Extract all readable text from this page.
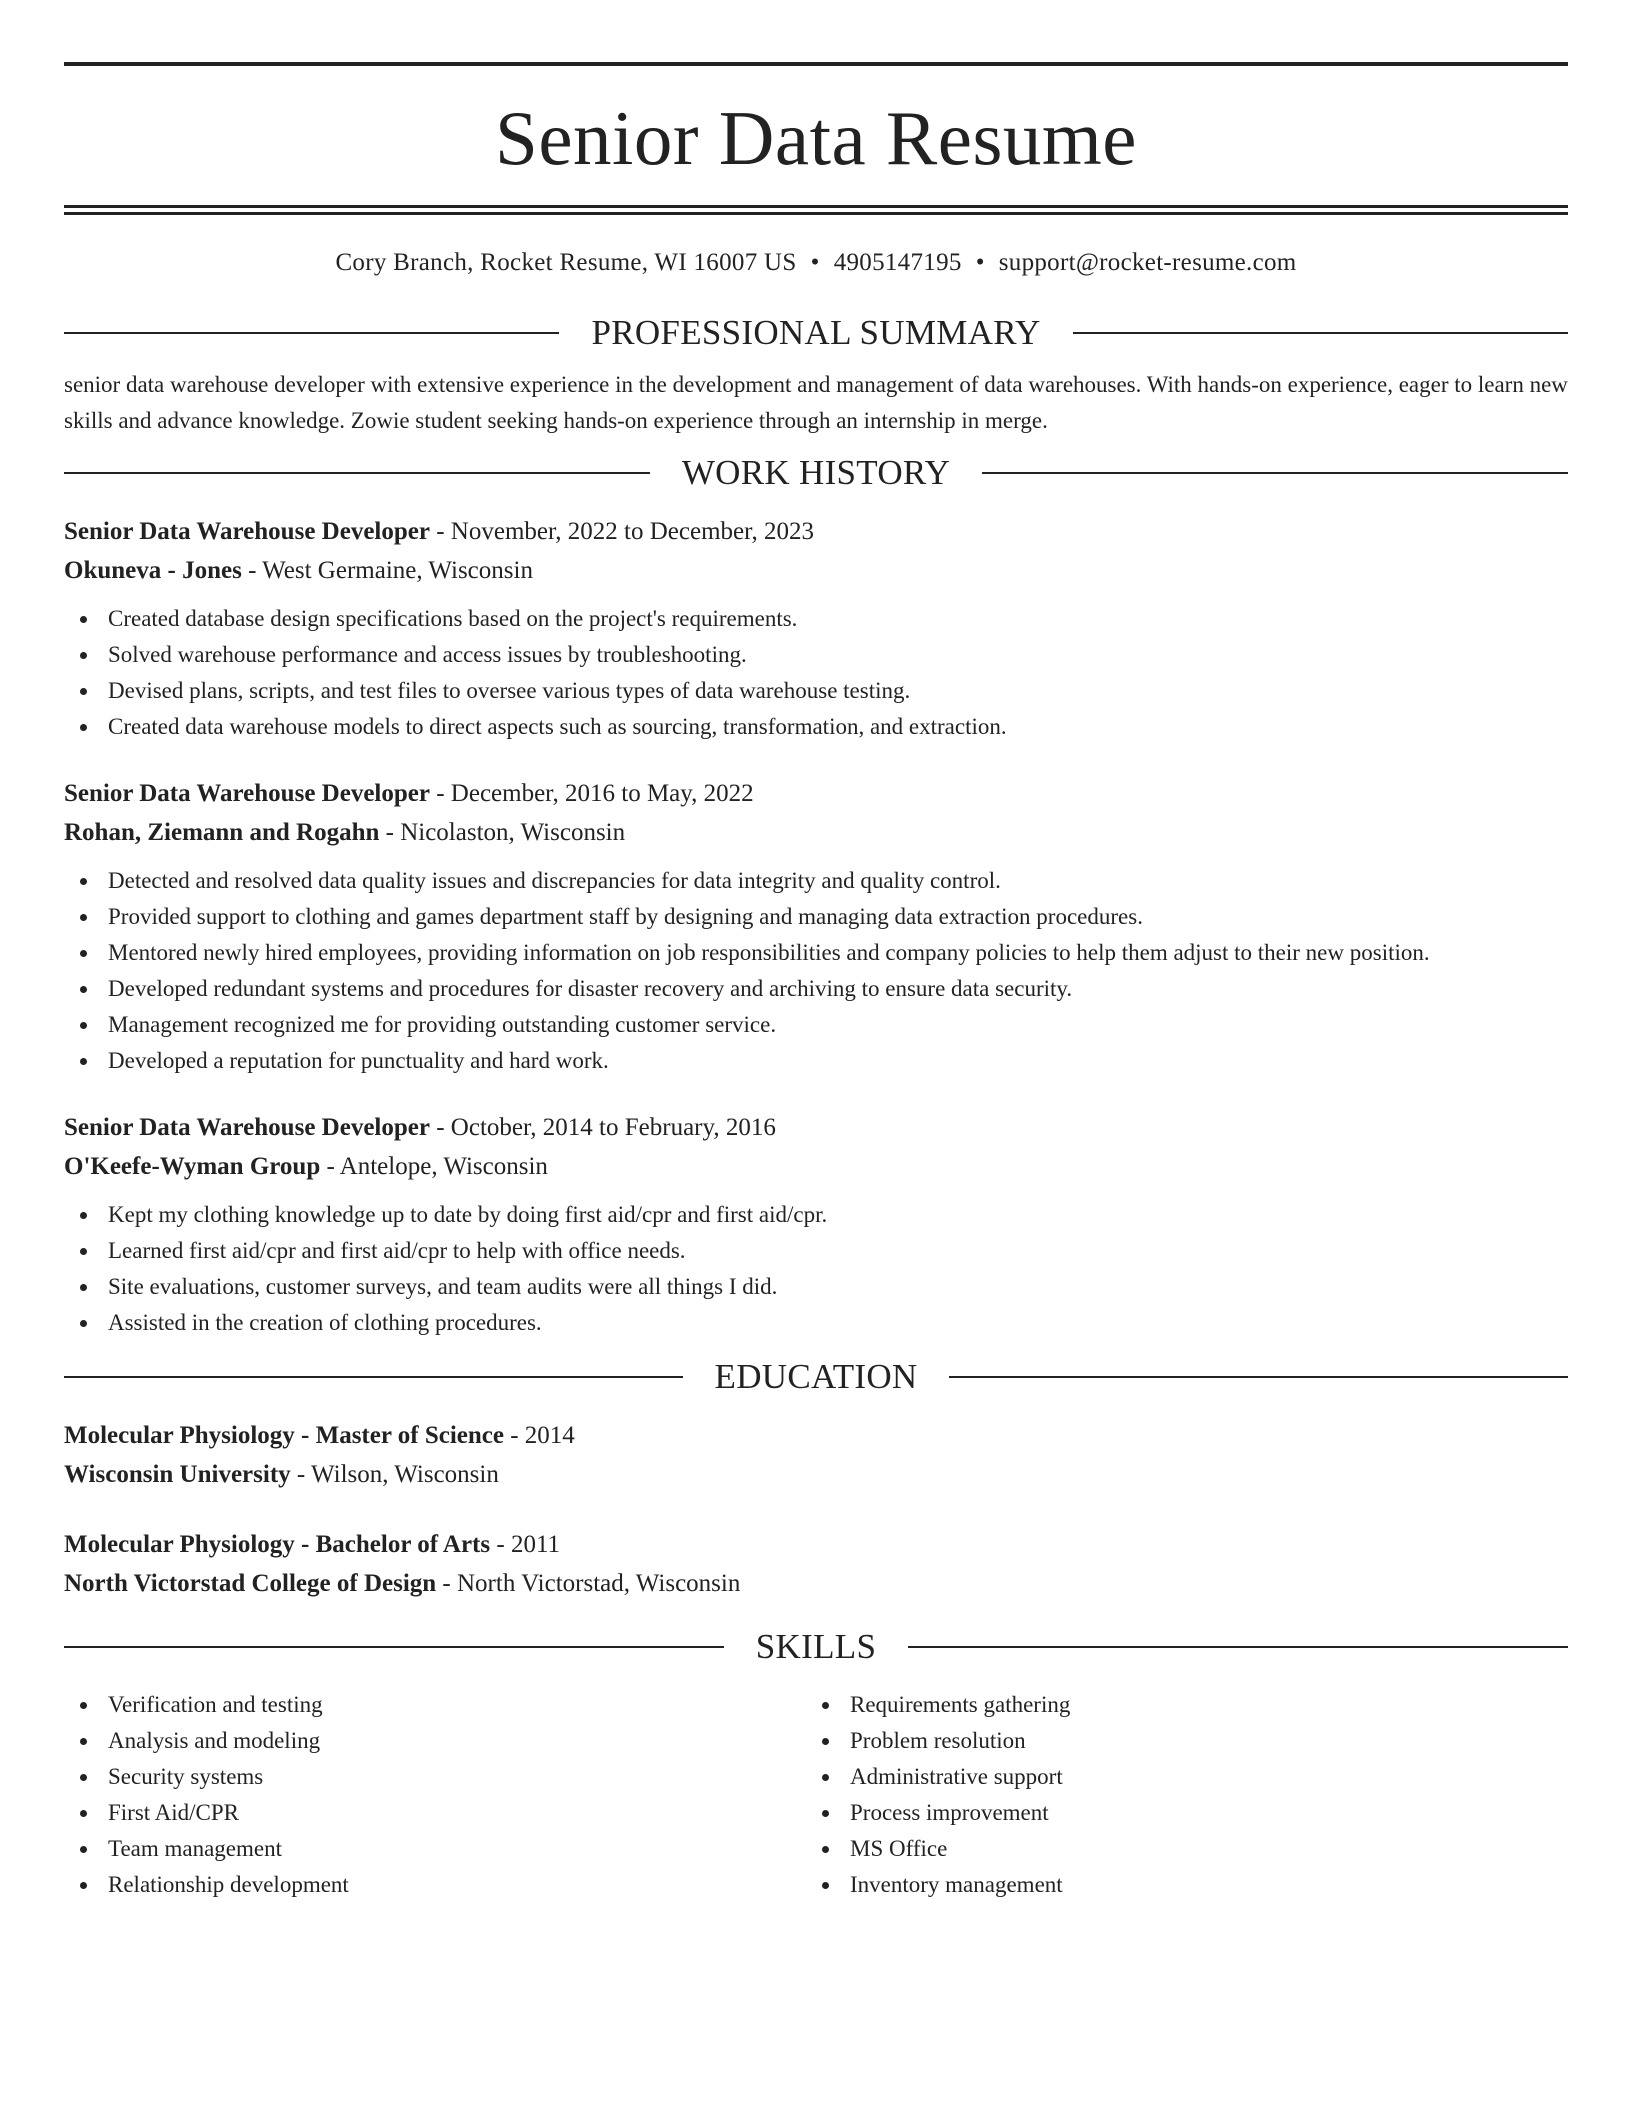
Senior Data Resume
Cory Branch, Rocket Resume, WI 16007 US • 4905147195 • support@rocket-resume.com
PROFESSIONAL SUMMARY

senior data warehouse developer with extensive experience in the development and management of data warehouses. With hands-on experience, eager to learn new skills and advance knowledge. Zowie student seeking hands-on experience through an internship in merge.

WORK HISTORY
Senior Data Warehouse Developer - November, 2022 to December, 2023
Okuneva - Jones - West Germaine, Wisconsin
Created database design specifications based on the project's requirements.
Solved warehouse performance and access issues by troubleshooting.
Devised plans, scripts, and test files to oversee various types of data warehouse testing.
Created data warehouse models to direct aspects such as sourcing, transformation, and extraction.
Senior Data Warehouse Developer - December, 2016 to May, 2022
Rohan, Ziemann and Rogahn - Nicolaston, Wisconsin
Detected and resolved data quality issues and discrepancies for data integrity and quality control.
Provided support to clothing and games department staff by designing and managing data extraction procedures.
Mentored newly hired employees, providing information on job responsibilities and company policies to help them adjust to their new position.
Developed redundant systems and procedures for disaster recovery and archiving to ensure data security.
Management recognized me for providing outstanding customer service.
Developed a reputation for punctuality and hard work.
Senior Data Warehouse Developer - October, 2014 to February, 2016
O'Keefe-Wyman Group - Antelope, Wisconsin
Kept my clothing knowledge up to date by doing first aid/cpr and first aid/cpr.
Learned first aid/cpr and first aid/cpr to help with office needs.
Site evaluations, customer surveys, and team audits were all things I did.
Assisted in the creation of clothing procedures.
EDUCATION
Molecular Physiology - Master of Science - 2014
Wisconsin University - Wilson, Wisconsin
Molecular Physiology - Bachelor of Arts - 2011
North Victorstad College of Design - North Victorstad, Wisconsin
SKILLS
Verification and testing
Analysis and modeling
Security systems
First Aid/CPR
Team management
Relationship development
Requirements gathering
Problem resolution
Administrative support
Process improvement
MS Office
Inventory management
